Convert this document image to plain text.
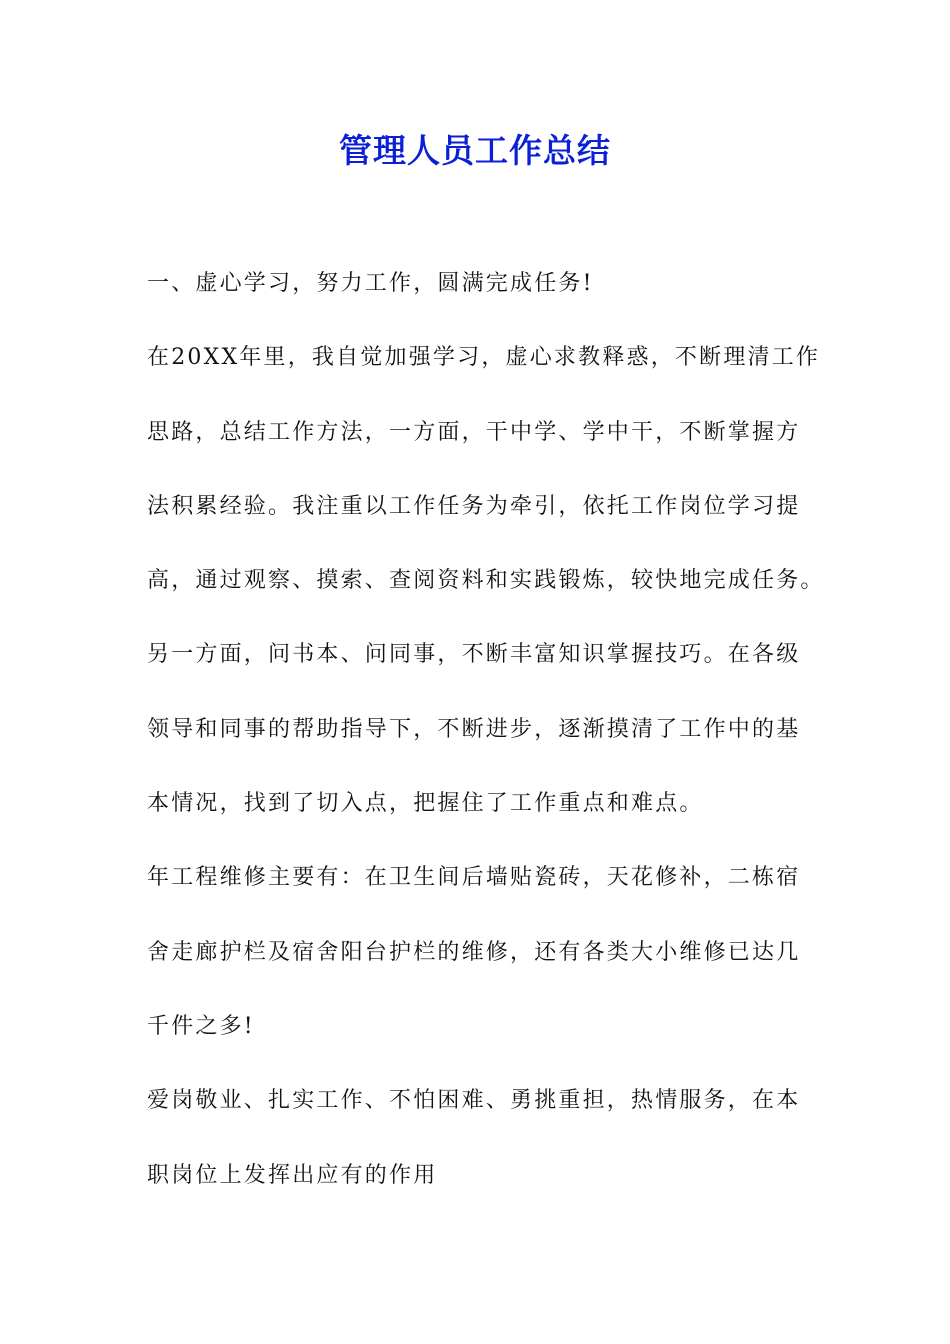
管理人员工作总结
一、虚心学习，努力工作，圆满完成任务!
在20XX年里，我自觉加强学习，虚心求教释惑，不断理清工作
思路，总结工作方法，一方面，干中学、学中干，不断掌握方
法积累经验。我注重以工作任务为牵引，依托工作岗位学习提
高，通过观察、摸索、查阅资料和实践锻炼，较快地完成任务。
另一方面，问书本、问同事，不断丰富知识掌握技巧。在各级
领导和同事的帮助指导下，不断进步，逐渐摸清了工作中的基
本情况，找到了切入点，把握住了工作重点和难点。
年工程维修主要有：在卫生间后墙贴瓷砖，天花修补，二栋宿
舍走廊护栏及宿舍阳台护栏的维修，还有各类大小维修已达几
千件之多!
爱岗敬业、扎实工作、不怕困难、勇挑重担，热情服务，在本
职岗位上发挥出应有的作用
